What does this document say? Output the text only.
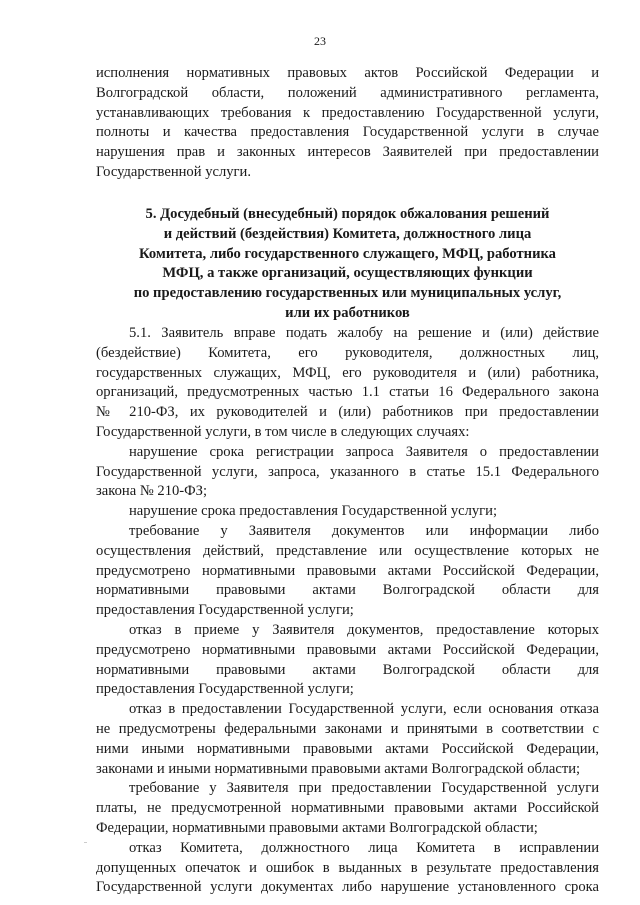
23
исполнения нормативных правовых актов Российской Федерации и
Волгоградской области, положений административного регламента,
устанавливающих требования к предоставлению Государственной услуги,
полноты и качества предоставления Государственной услуги в случае
нарушения прав и законных интересов Заявителей при предоставлении
Государственной услуги.
5. Досудебный (внесудебный) порядок обжалования решений
и действий (бездействия) Комитета, должностного лица
Комитета, либо государственного служащего, МФЦ, работника
МФЦ, а также организаций, осуществляющих функции
по предоставлению государственных или муниципальных услуг,
или их работников
5.1. Заявитель вправе подать жалобу на решение и (или) действие
(бездействие) Комитета, его руководителя, должностных лиц,
государственных служащих, МФЦ, его руководителя и (или) работника,
организаций, предусмотренных частью 1.1 статьи 16 Федерального закона
№ 210-ФЗ, их руководителей и (или) работников при предоставлении
Государственной услуги, в том числе в следующих случаях:
нарушение срока регистрации запроса Заявителя о предоставлении
Государственной услуги, запроса, указанного в статье 15.1 Федерального
закона № 210-ФЗ;
нарушение срока предоставления Государственной услуги;
требование у Заявителя документов или информации либо
осуществления действий, представление или осуществление которых не
предусмотрено нормативными правовыми актами Российской Федерации,
нормативными правовыми актами Волгоградской области для
предоставления Государственной услуги;
отказ в приеме у Заявителя документов, предоставление которых
предусмотрено нормативными правовыми актами Российской Федерации,
нормативными правовыми актами Волгоградской области для
предоставления Государственной услуги;
отказ в предоставлении Государственной услуги, если основания отказа
не предусмотрены федеральными законами и принятыми в соответствии с
ними иными нормативными правовыми актами Российской Федерации,
законами и иными нормативными правовыми актами Волгоградской области;
требование у Заявителя при предоставлении Государственной услуги
платы, не предусмотренной нормативными правовыми актами Российской
Федерации, нормативными правовыми актами Волгоградской области;
отказ Комитета, должностного лица Комитета в исправлении
допущенных опечаток и ошибок в выданных в результате предоставления
Государственной услуги документах либо нарушение установленного срока
